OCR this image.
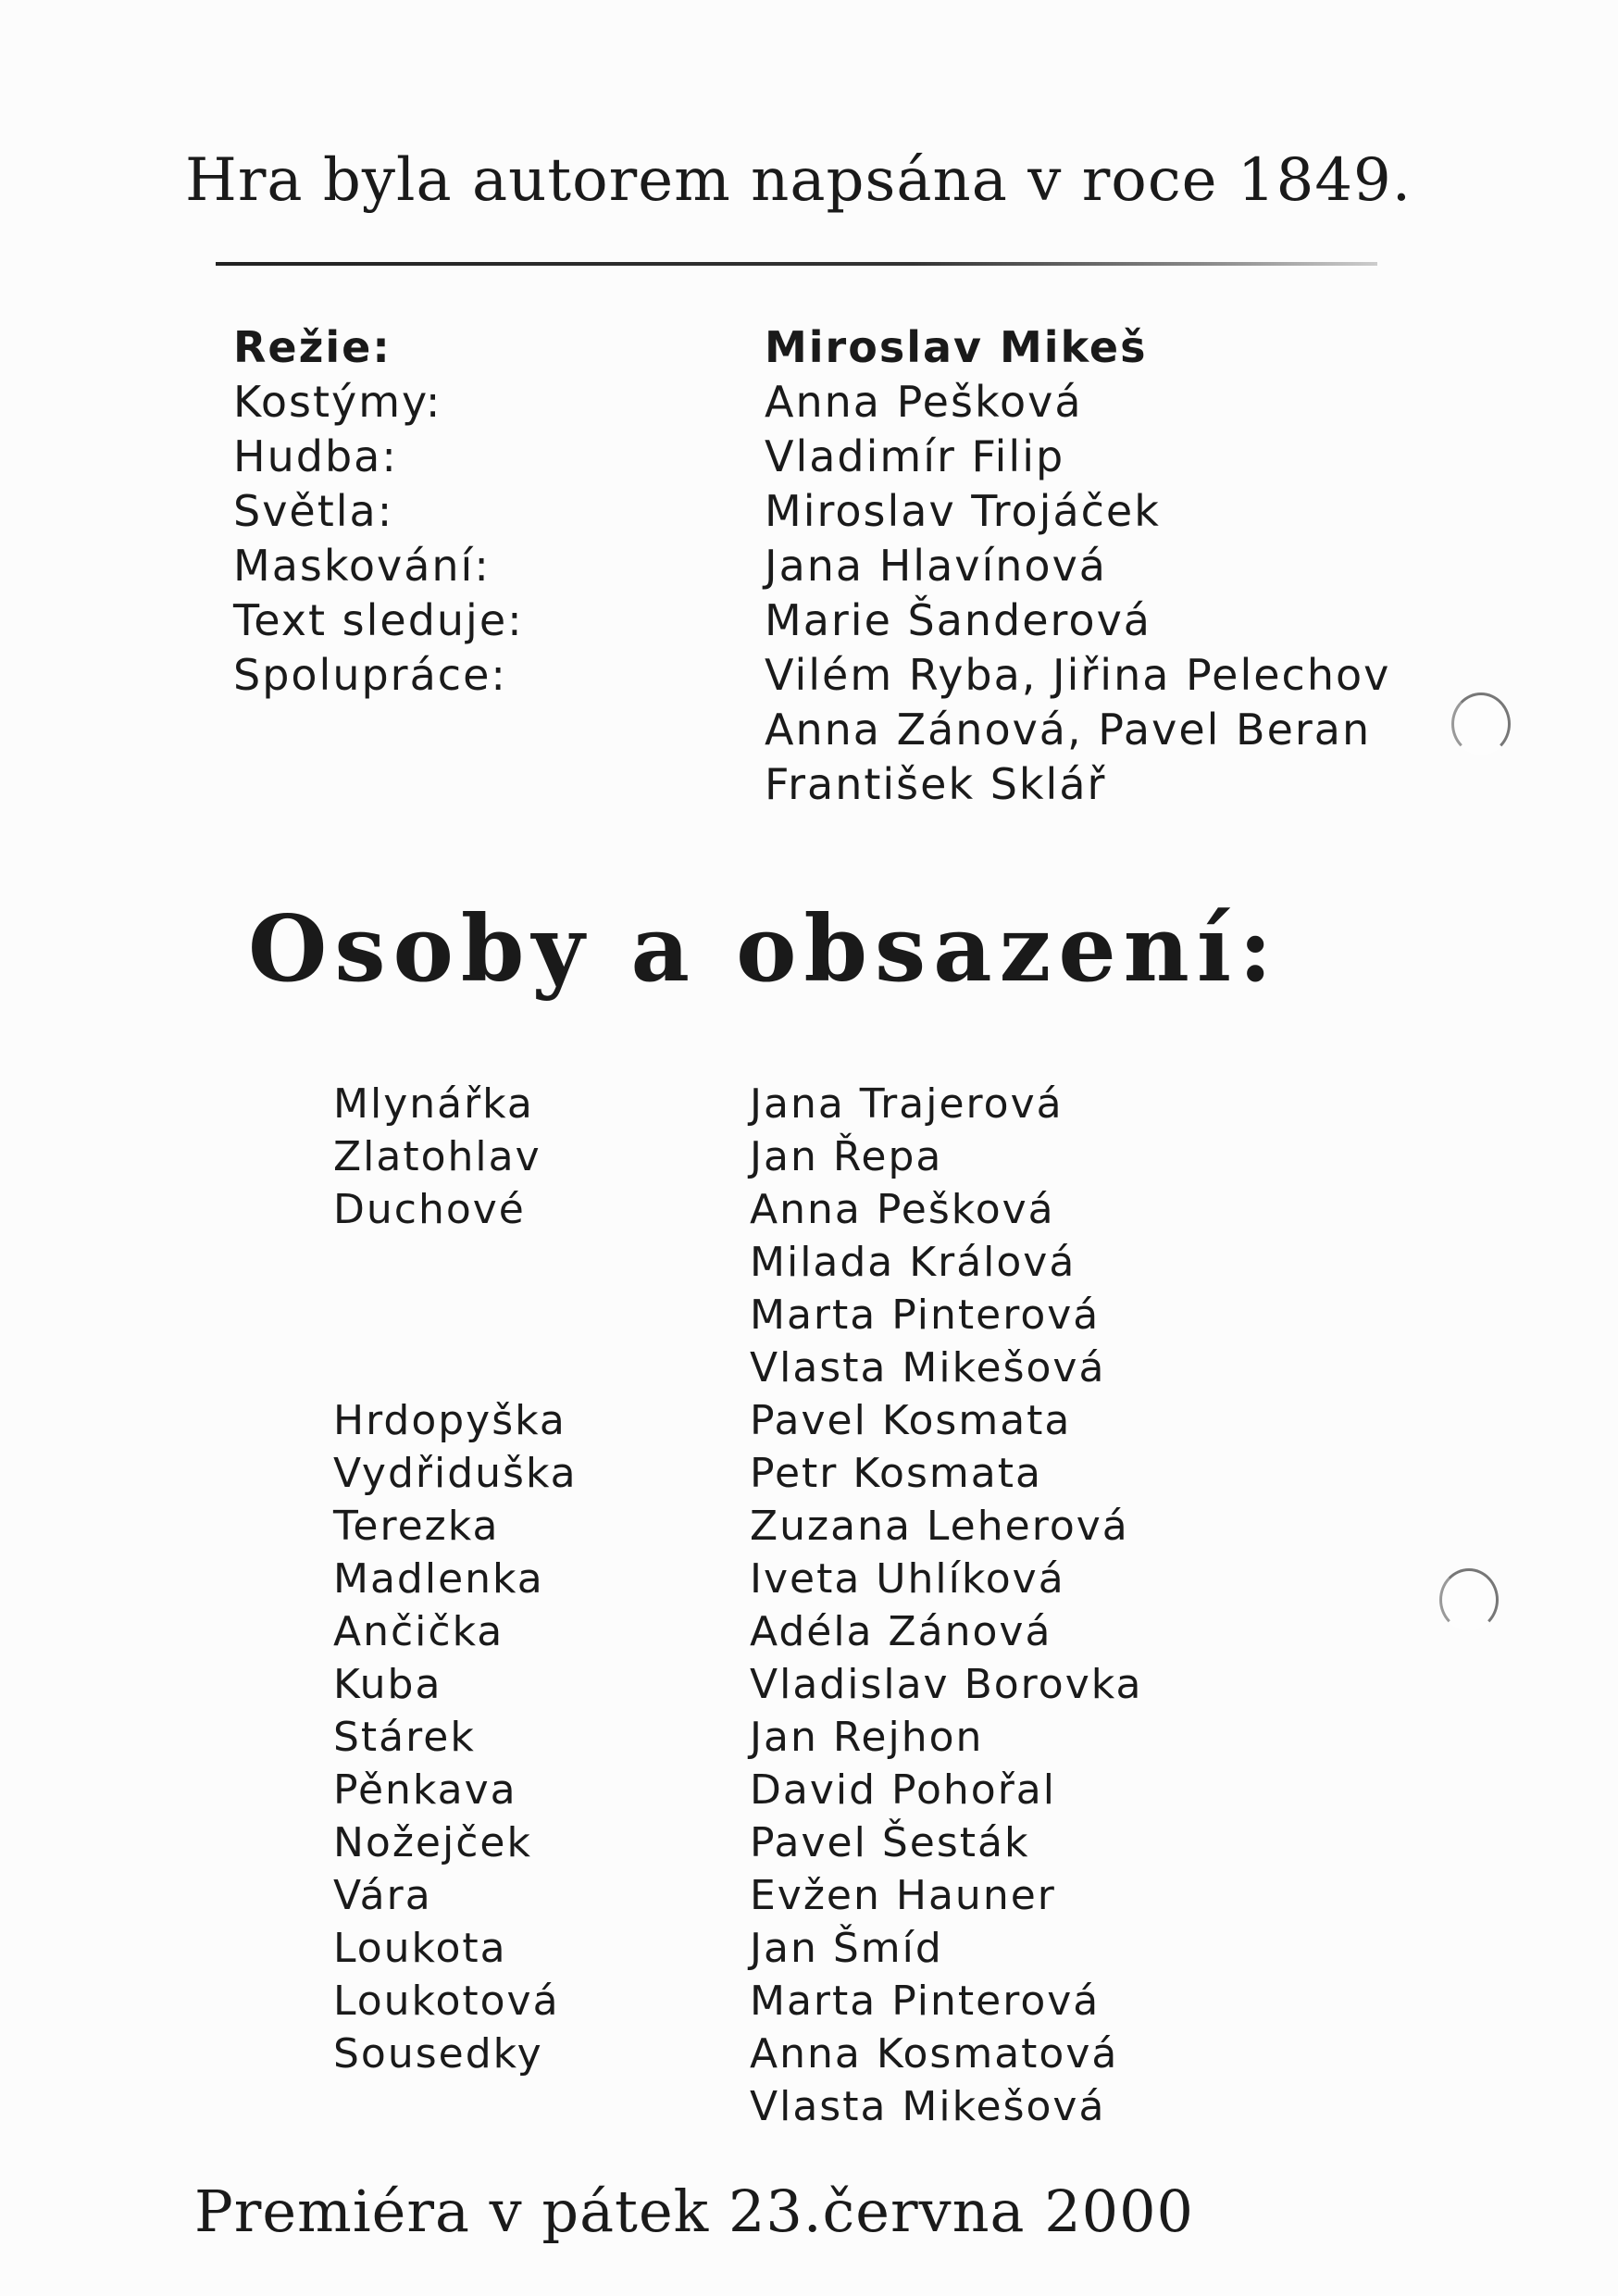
Hra byla autorem napsána v roce 1849.
Režie:
Kostýmy:
Hudba:
Světla:
Maskování:
Text sleduje:
Spolupráce:
Miroslav Mikeš
Anna Pešková
Vladimír Filip
Miroslav Trojáček
Jana Hlavínová
Marie Šanderová
Vilém Ryba, Jiřina Pelechov
Anna Zánová, Pavel Beran
František Sklář
Osoby a obsazení:
Mlynářka
Zlatohlav
Duchové
Hrdopyška
Vydřiduška
Terezka
Madlenka
Ančička
Kuba
Stárek
Pěnkava
Nožejček
Vára
Loukota
Loukotová
Sousedky
Jana Trajerová
Jan Řepa
Anna Pešková
Milada Králová
Marta Pinterová
Vlasta Mikešová
Pavel Kosmata
Petr Kosmata
Zuzana Leherová
Iveta Uhlíková
Adéla Zánová
Vladislav Borovka
Jan Rejhon
David Pohořal
Pavel Šesták
Evžen Hauner
Jan Šmíd
Marta Pinterová
Anna Kosmatová
Vlasta Mikešová
Premiéra v pátek 23.června 2000
